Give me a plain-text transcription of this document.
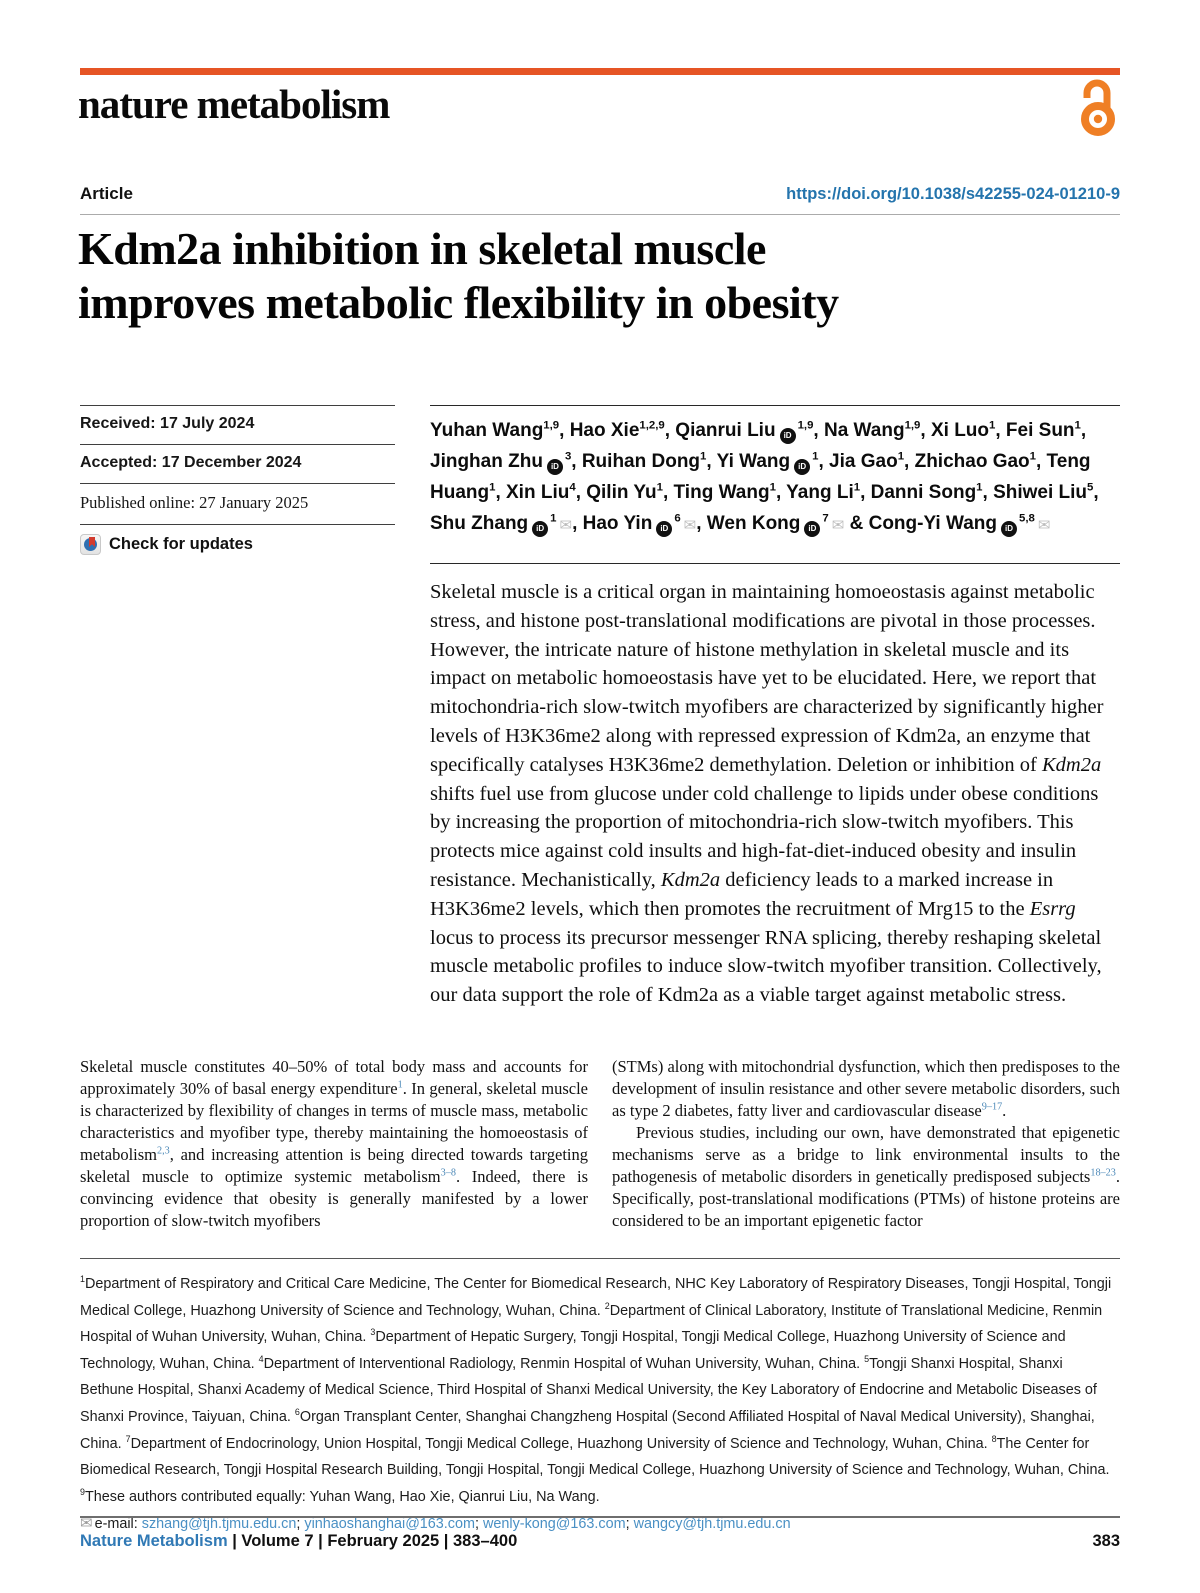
nature metabolism
Article	https://doi.org/10.1038/s42255-024-01210-9
Kdm2a inhibition in skeletal muscle
improves metabolic flexibility in obesity
Received: 17 July 2024
Accepted: 17 December 2024
Published online: 27 January 2025
Check for updates
Yuhan Wang$^{1,9}$, Hao Xie$^{1,2,9}$, Qianrui Liu iD$^{1,9}$, Na Wang$^{1,9}$, Xi Luo$^1$, Fei Sun$^1$, Jinghan Zhu $iD^3$, Ruihan Dong$^1$, Yi Wang $iD^1$, Jia Gao$^1$, Zhichao Gao$^1$, Teng Huang$^1$, Xin Liu$^4$, Qilin Yu$^1$, Ting Wang$^1$, Yang Li$^1$, Danni Song$^1$, Shiwei Liu$^5$, Shu Zhang $iD^1$ ✉, Hao Yin $iD^6$ ✉, Wen Kong $iD^7$ ✉ & Cong-Yi Wang iD$^{5,8}$ ✉
Skeletal muscle is a critical organ in maintaining homoeostasis against metabolic stress, and histone post-translational modifications are pivotal in those processes. However, the intricate nature of histone methylation in skeletal muscle and its impact on metabolic homoeostasis have yet to be elucidated. Here, we report that mitochondria-rich slow-twitch myofibers are characterized by significantly higher levels of H3K36me2 along with repressed expression of Kdm2a, an enzyme that specifically catalyses H3K36me2 demethylation. Deletion or inhibition of Kdm2a shifts fuel use from glucose under cold challenge to lipids under obese conditions by increasing the proportion of mitochondria-rich slow-twitch myofibers. This protects mice against cold insults and high-fat-diet-induced obesity and insulin resistance. Mechanistically, Kdm2a deficiency leads to a marked increase in H3K36me2 levels, which then promotes the recruitment of Mrg15 to the Esrrg locus to process its precursor messenger RNA splicing, thereby reshaping skeletal muscle metabolic profiles to induce slow-twitch myofiber transition. Collectively, our data support the role of Kdm2a as a viable target against metabolic stress.

Skeletal muscle constitutes 40–50% of total body mass and accounts for approximately 30% of basal energy expenditure$^1$. In general, skeletal muscle is characterized by flexibility of changes in terms of muscle mass, metabolic characteristics and myofiber type, thereby maintaining the homoeostasis of metabolism$^{2,3}$, and increasing attention is being directed towards targeting skeletal muscle to optimize systemic metabolism$^{3-8}$. Indeed, there is convincing evidence that obesity is generally manifested by a lower proportion of slow-twitch myofibers

(STMs) along with mitochondrial dysfunction, which then predisposes to the development of insulin resistance and other severe metabolic disorders, such as type 2 diabetes, fatty liver and cardiovascular disease$^{9-17}$.

Previous studies, including our own, have demonstrated that epigenetic mechanisms serve as a bridge to link environmental insults to the pathogenesis of metabolic disorders in genetically predisposed subjects$^{18-23}$. Specifically, post-translational modifications (PTMs) of histone proteins are considered to be an important epigenetic factor

$^1$Department of Respiratory and Critical Care Medicine, The Center for Biomedical Research, NHC Key Laboratory of Respiratory Diseases, Tongji Hospital, Tongji Medical College, Huazhong University of Science and Technology, Wuhan, China. $^2$Department of Clinical Laboratory, Institute of Translational Medicine, Renmin Hospital of Wuhan University, Wuhan, China. $^3$Department of Hepatic Surgery, Tongji Hospital, Tongji Medical College, Huazhong University of Science and Technology, Wuhan, China. $^4$Department of Interventional Radiology, Renmin Hospital of Wuhan University, Wuhan, China. $^5$Tongji Shanxi Hospital, Shanxi Bethune Hospital, Shanxi Academy of Medical Science, Third Hospital of Shanxi Medical University, the Key Laboratory of Endocrine and Metabolic Diseases of Shanxi Province, Taiyuan, China. $^6$Organ Transplant Center, Shanghai Changzheng Hospital (Second Affiliated Hospital of Naval Medical University), Shanghai, China. $^7$Department of Endocrinology, Union Hospital, Tongji Medical College, Huazhong University of Science and Technology, Wuhan, China. $^8$The Center for Biomedical Research, Tongji Hospital Research Building, Tongji Hospital, Tongji Medical College, Huazhong University of Science and Technology, Wuhan, China. $^9$These authors contributed equally: Yuhan Wang, Hao Xie, Qianrui Liu, Na Wang.
✉ e-mail: szhang@tjh.tjmu.edu.cn; yinhaoshanghai@163.com; wenly-kong@163.com; wangcy@tjh.tjmu.edu.cn
Nature Metabolism | Volume 7 | February 2025 | 383–400	383
